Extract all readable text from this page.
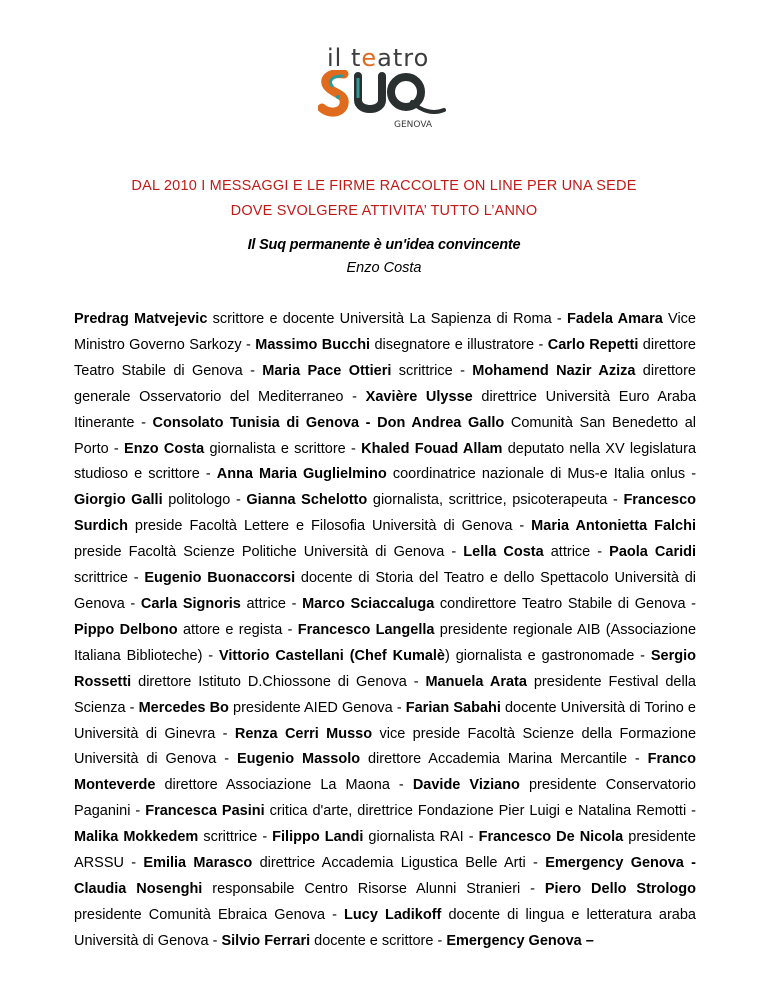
il teatro
GENOVA
DAL 2010 I MESSAGGI E LE FIRME RACCOLTE ON LINE PER UNA SEDE
DOVE SVOLGERE ATTIVITA’ TUTTO L’ANNO
Il Suq permanente è un'idea convincente
Enzo Costa
Predrag Matvejevic scrittore e docente Università La Sapienza di Roma - Fadela Amara Vice Ministro Governo Sarkozy - Massimo Bucchi disegnatore e illustratore - Carlo Repetti direttore Teatro Stabile di Genova - Maria Pace Ottieri scrittrice - Mohamend Nazir Aziza direttore generale Osservatorio del Mediterraneo - Xavière Ulysse direttrice Università Euro Araba Itinerante - Consolato Tunisia di Genova - Don Andrea Gallo Comunità San Benedetto al Porto - Enzo Costa giornalista e scrittore - Khaled Fouad Allam deputato nella XV legislatura studioso e scrittore - Anna Maria Guglielmino coordinatrice nazionale di Mus-e Italia onlus - Giorgio Galli politologo - Gianna Schelotto giornalista, scrittrice, psicoterapeuta - Francesco Surdich preside Facoltà Lettere e Filosofia Università di Genova - Maria Antonietta Falchi preside Facoltà Scienze Politiche Università di Genova - Lella Costa attrice - Paola Caridi scrittrice - Eugenio Buonaccorsi docente di Storia del Teatro e dello Spettacolo Università di Genova - Carla Signoris attrice - Marco Sciaccaluga condirettore Teatro Stabile di Genova - Pippo Delbono attore e regista - Francesco Langella presidente regionale AIB (Associazione Italiana Biblioteche) - Vittorio Castellani (Chef Kumalè) giornalista e gastronomade - Sergio Rossetti direttore Istituto D.Chiossone di Genova - Manuela Arata presidente Festival della Scienza - Mercedes Bo presidente AIED Genova - Farian Sabahi docente Università di Torino e Università di Ginevra - Renza Cerri Musso vice preside Facoltà Scienze della Formazione Università di Genova - Eugenio Massolo direttore Accademia Marina Mercantile - Franco Monteverde direttore Associazione La Maona - Davide Viziano presidente Conservatorio Paganini - Francesca Pasini critica d'arte, direttrice Fondazione Pier Luigi e Natalina Remotti - Malika Mokkedem scrittrice - Filippo Landi giornalista RAI - Francesco De Nicola presidente ARSSU - Emilia Marasco direttrice Accademia Ligustica Belle Arti - Emergency Genova - Claudia Nosenghi responsabile Centro Risorse Alunni Stranieri - Piero Dello Strologo presidente Comunità Ebraica Genova - Lucy Ladikoff docente di lingua e letteratura araba Università di Genova - Silvio Ferrari docente e scrittore - Emergency Genova –
